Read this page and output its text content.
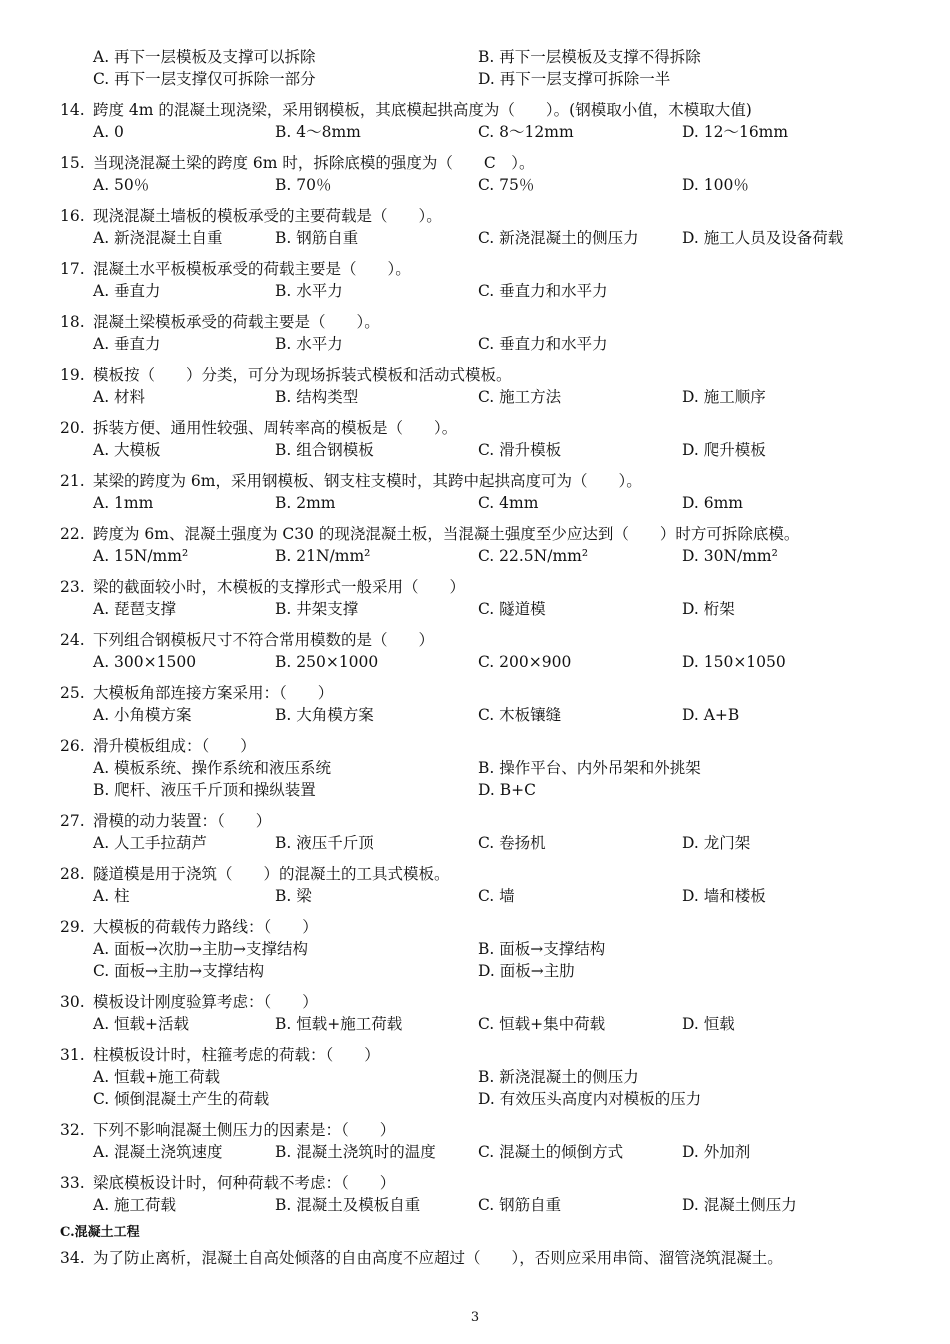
A. 再下一层模板及支撑可以拆除	B. 再下一层模板及支撑不得拆除
C. 再下一层支撑仅可拆除一部分	D. 再下一层支撑可拆除一半
14. 跨度 4m 的混凝土现浇梁，采用钢模板，其底模起拱高度为（　　）。(钢模取小值，木模取大值)
A. 0	B. 4～8mm	C. 8～12mm	D. 12～16mm
15. 当现浇混凝土梁的跨度 6m 时，拆除底模的强度为（　　C　）。
A. 50％	B. 70％	C. 75％	D. 100％
16. 现浇混凝土墙板的模板承受的主要荷载是（　　）。
A. 新浇混凝土自重	B. 钢筋自重	C. 新浇混凝土的侧压力	D. 施工人员及设备荷载
17. 混凝土水平板模板承受的荷载主要是（　　）。
A. 垂直力	B. 水平力	C. 垂直力和水平力
18. 混凝土梁模板承受的荷载主要是（　　）。
A. 垂直力	B. 水平力	C. 垂直力和水平力
19. 模板按（　　）分类，可分为现场拆装式模板和活动式模板。
A. 材料	B. 结构类型	C. 施工方法	D. 施工顺序
20. 拆装方便、通用性较强、周转率高的模板是（　　）。
A. 大模板	B. 组合钢模板	C. 滑升模板	D. 爬升模板
21. 某梁的跨度为 6m，采用钢模板、钢支柱支模时，其跨中起拱高度可为（　　）。
A. 1mm	B. 2mm	C. 4mm	D. 6mm
22. 跨度为 6m、混凝土强度为 C30 的现浇混凝土板，当混凝土强度至少应达到（　　）时方可拆除底模。
A. 15N/mm²	B. 21N/mm²	C. 22.5N/mm²	D. 30N/mm²
23. 梁的截面较小时，木模板的支撑形式一般采用（　　）
A. 琵琶支撑	B. 井架支撑	C. 隧道模	D. 桁架
24. 下列组合钢模板尺寸不符合常用模数的是（　　）
A. 300×1500	B. 250×1000	C. 200×900	D. 150×1050
25. 大模板角部连接方案采用：（　　）
A. 小角模方案	B. 大角模方案	C. 木板镶缝	D. A+B
26. 滑升模板组成：（　　）
A. 模板系统、操作系统和液压系统	B. 操作平台、内外吊架和外挑架
B. 爬杆、液压千斤顶和操纵装置	D. B+C
27. 滑模的动力装置：（　　）
A. 人工手拉葫芦	B. 液压千斤顶	C. 卷扬机	D. 龙门架
28. 隧道模是用于浇筑（　　）的混凝土的工具式模板。
A. 柱	B. 梁	C. 墙	D. 墙和楼板
29. 大模板的荷载传力路线：（　　）
A. 面板→次肋→主肋→支撑结构	B. 面板→支撑结构
C. 面板→主肋→支撑结构	D. 面板→主肋
30. 模板设计刚度验算考虑：（　　）
A. 恒载+活载	B. 恒载+施工荷载	C. 恒载+集中荷载	D. 恒载
31. 柱模板设计时，柱箍考虑的荷载：（　　）
A. 恒载+施工荷载	B. 新浇混凝土的侧压力
C. 倾倒混凝土产生的荷载	D. 有效压头高度内对模板的压力
32. 下列不影响混凝土侧压力的因素是：（　　）
A. 混凝土浇筑速度	B. 混凝土浇筑时的温度	C. 混凝土的倾倒方式	D. 外加剂
33. 梁底模板设计时，何种荷载不考虑：（　　）
A. 施工荷载	B. 混凝土及模板自重	C. 钢筋自重	D. 混凝土侧压力
C.混凝土工程
34. 为了防止离析，混凝土自高处倾落的自由高度不应超过（　　），否则应采用串筒、溜管浇筑混凝土。
3
